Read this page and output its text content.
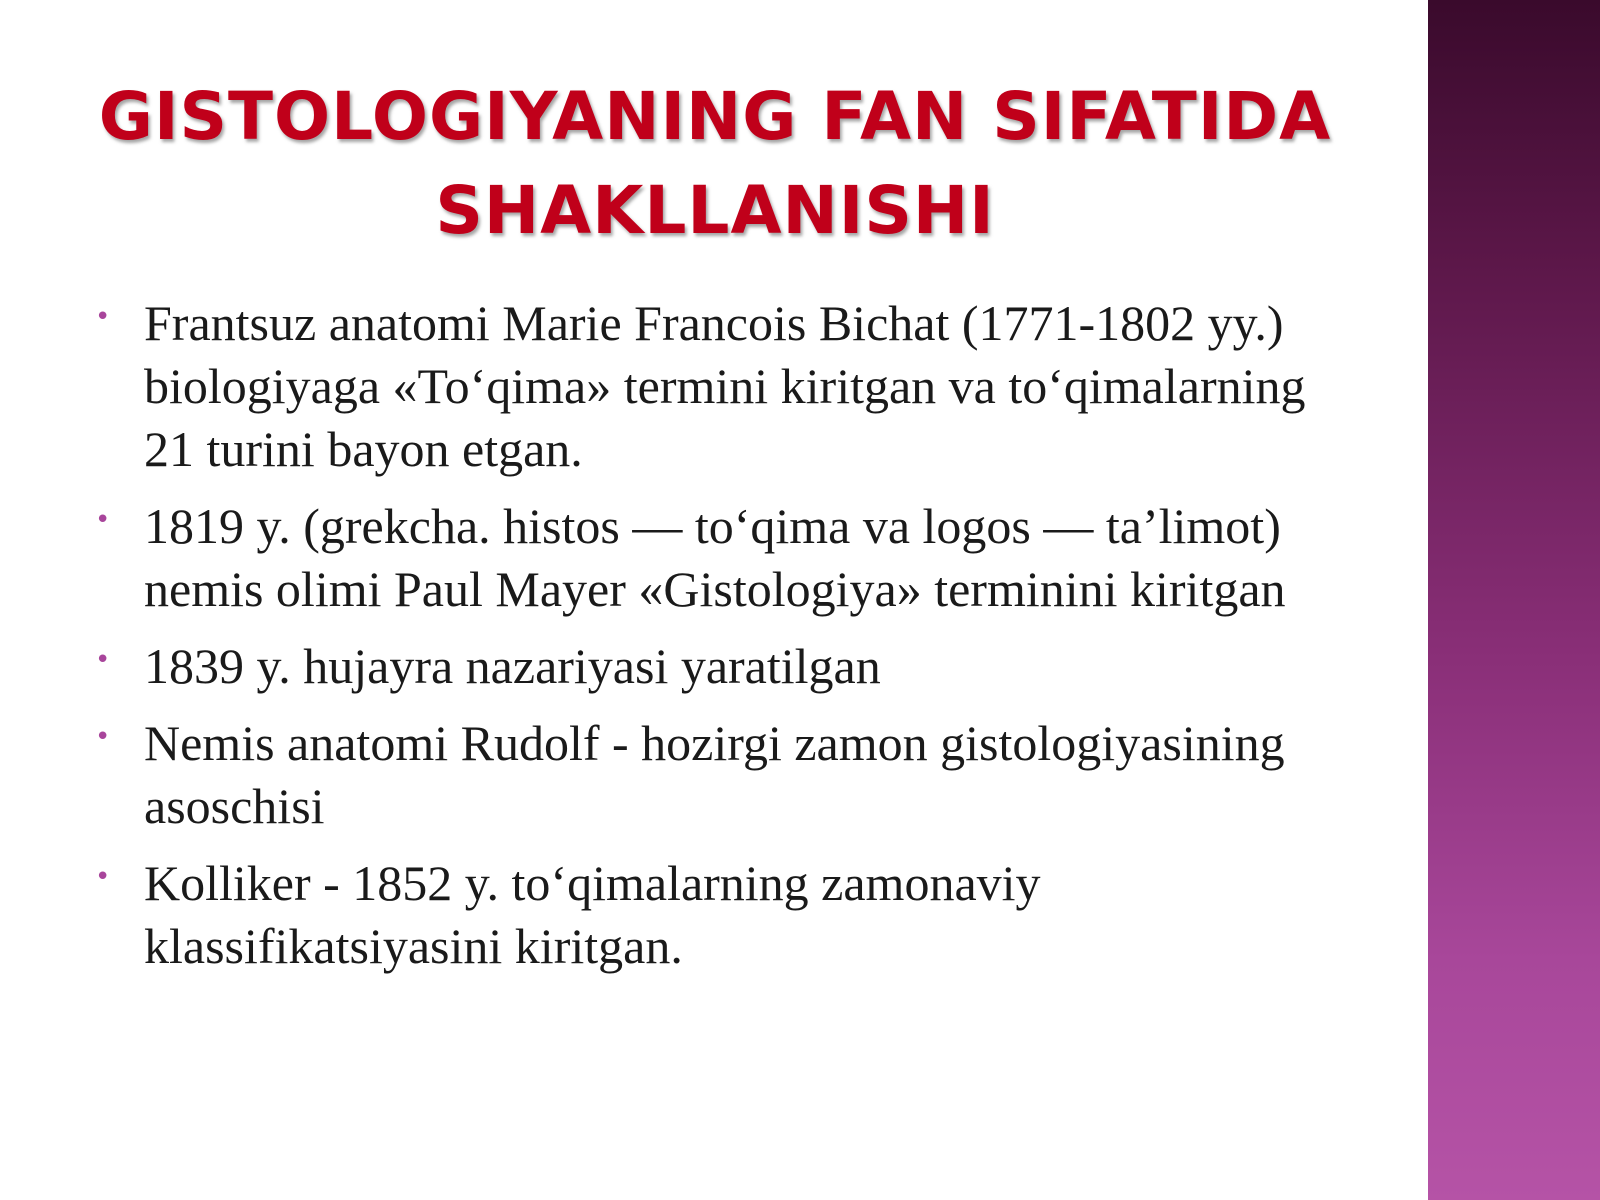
GISTOLOGIYANING FAN SIFATIDA SHAKLLANISHI
• Frantsuz anatomi Marie Francois Bichat (1771-1802 yy.) biologiyaga «To‘qima» termini kiritgan va to‘qimalarning 21 turini bayon etgan.
• 1819 y. (grekcha. histos — to‘qima va logos — ta’limot) nemis olimi Paul Mayer «Gistologiya» terminini kiritgan
• 1839 y. hujayra nazariyasi yaratilgan
• Nemis anatomi Rudolf - hozirgi zamon gistologiyasining asoschisi
• Kolliker - 1852 y. to‘qimalarning zamonaviy klassifikatsiyasini kiritgan.
